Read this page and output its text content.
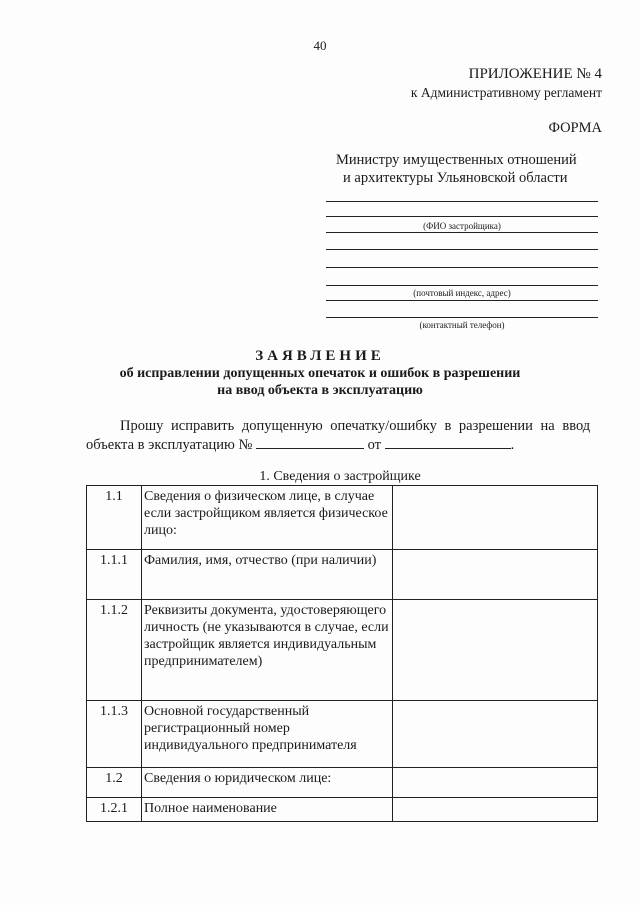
40
ПРИЛОЖЕНИЕ № 4
к Административному регламент
ФОРМА
Министру имущественных отношений
и архитектуры Ульяновской области
(ФИО застройщика)
(почтовый индекс, адрес)
(контактный телефон)
ЗАЯВЛЕНИЕ
об исправлении допущенных опечаток и ошибок в разрешении
на ввод объекта в эксплуатацию
Прошу исправить допущенную опечатку/ошибку в разрешении на ввод
объекта в эксплуатацию №	от	.
1. Сведения о застройщике
1.1	Сведения о физическом лице, в случае если застройщиком является физическое лицо:	
1.1.1	Фамилия, имя, отчество (при наличии)	
1.1.2	Реквизиты документа, удостоверяющего личность (не указываются в случае, если застройщик является индивидуальным предпринимателем)	
1.1.3	Основной государственный регистрационный номер индивидуального предпринимателя	
1.2	Сведения о юридическом лице:	
1.2.1	Полное наименование	
